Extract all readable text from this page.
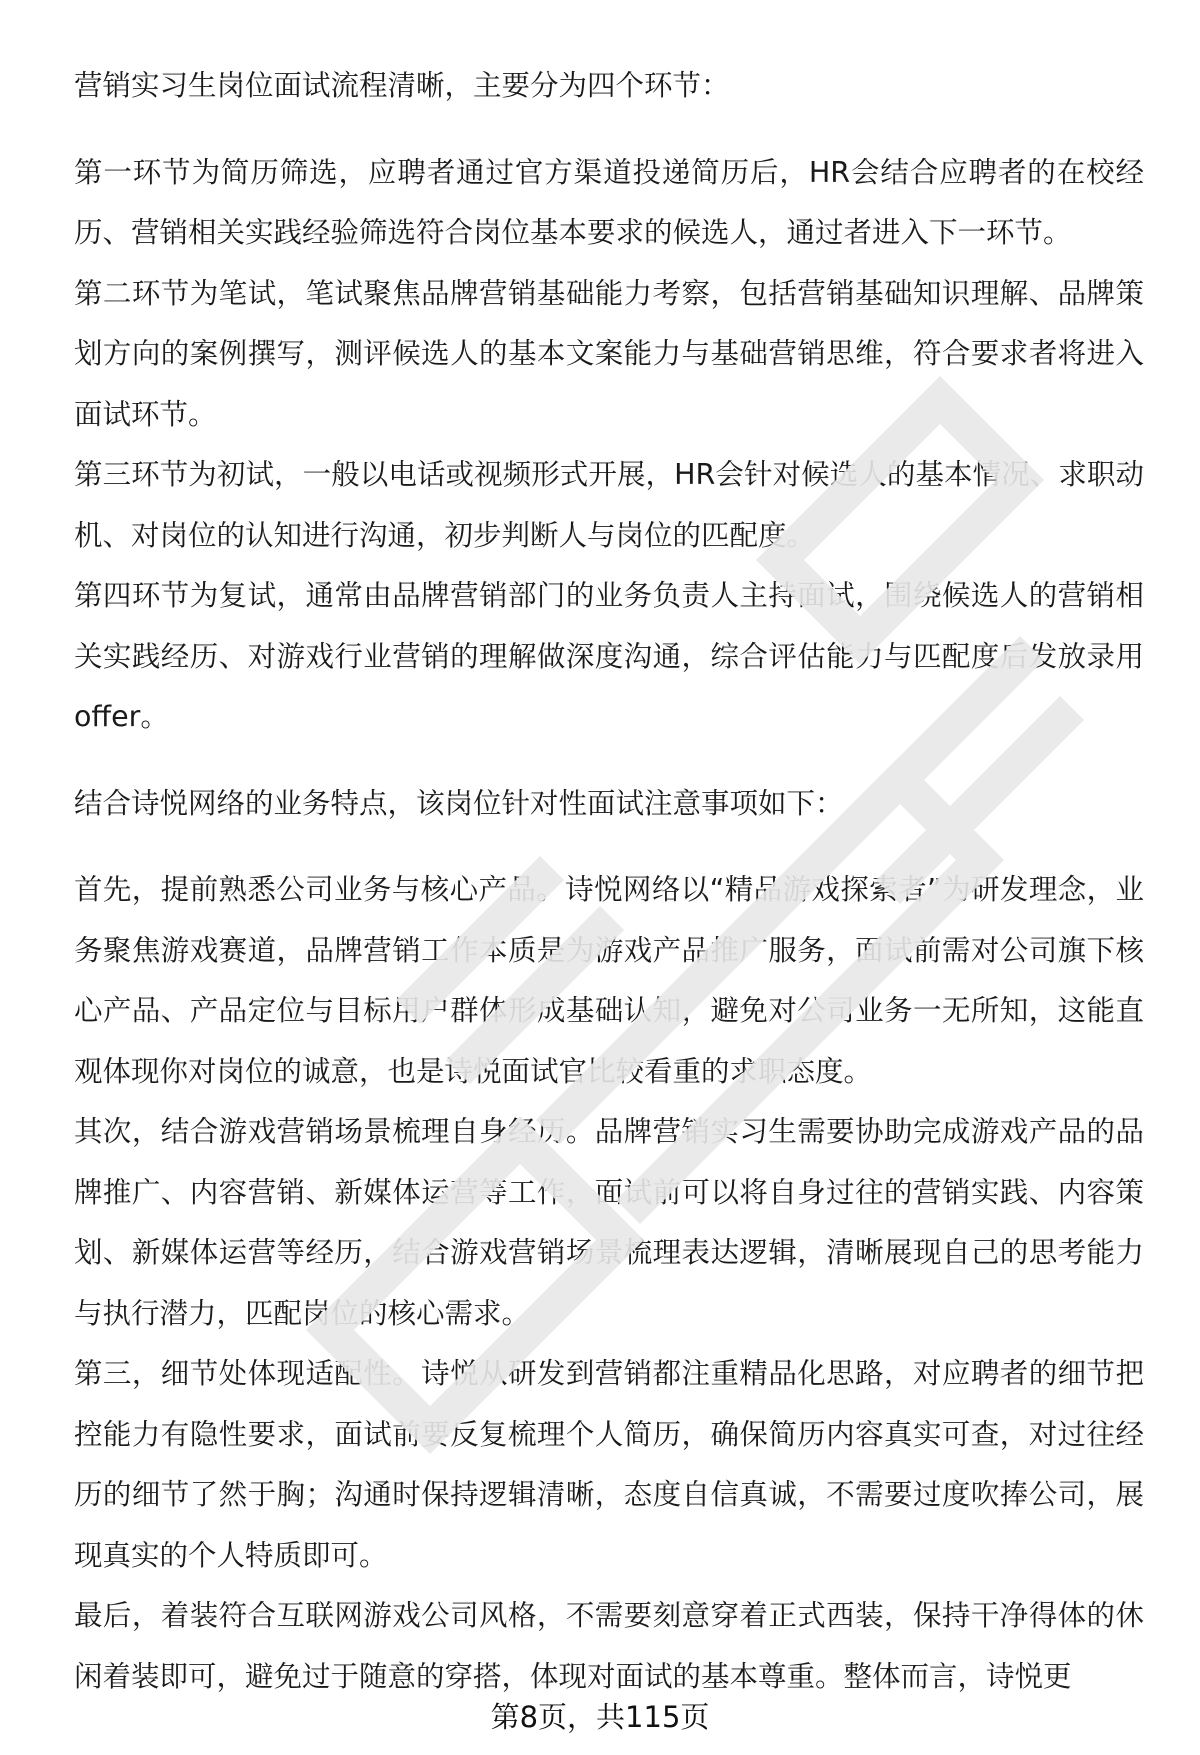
营销实习生岗位面试流程清晰，主要分为四个环节：

第一环节为简历筛选，应聘者通过官方渠道投递简历后，HR会结合应聘者的在校经历、营销相关实践经验筛选符合岗位基本要求的候选人，通过者进入下一环节。

第二环节为笔试，笔试聚焦品牌营销基础能力考察，包括营销基础知识理解、品牌策划方向的案例撰写，测评候选人的基本文案能力与基础营销思维，符合要求者将进入面试环节。

第三环节为初试，一般以电话或视频形式开展，HR会针对候选人的基本情况、求职动机、对岗位的认知进行沟通，初步判断人与岗位的匹配度。

第四环节为复试，通常由品牌营销部门的业务负责人主持面试，围绕候选人的营销相关实践经历、对游戏行业营销的理解做深度沟通，综合评估能力与匹配度后发放录用offer。

结合诗悦网络的业务特点，该岗位针对性面试注意事项如下：

首先，提前熟悉公司业务与核心产品。诗悦网络以“精品游戏探索者”为研发理念，业务聚焦游戏赛道，品牌营销工作本质是为游戏产品推广服务，面试前需对公司旗下核心产品、产品定位与目标用户群体形成基础认知，避免对公司业务一无所知，这能直观体现你对岗位的诚意，也是诗悦面试官比较看重的求职态度。

其次，结合游戏营销场景梳理自身经历。品牌营销实习生需要协助完成游戏产品的品牌推广、内容营销、新媒体运营等工作，面试前可以将自身过往的营销实践、内容策划、新媒体运营等经历，结合游戏营销场景梳理表达逻辑，清晰展现自己的思考能力与执行潜力，匹配岗位的核心需求。

第三，细节处体现适配性。诗悦从研发到营销都注重精品化思路，对应聘者的细节把控能力有隐性要求，面试前要反复梳理个人简历，确保简历内容真实可查，对过往经历的细节了然于胸；沟通时保持逻辑清晰，态度自信真诚，不需要过度吹捧公司，展现真实的个人特质即可。

最后，着装符合互联网游戏公司风格，不需要刻意穿着正式西装，保持干净得体的休闲着装即可，避免过于随意的穿搭，体现对面试的基本尊重。整体而言，诗悦更

第8页，共115页
